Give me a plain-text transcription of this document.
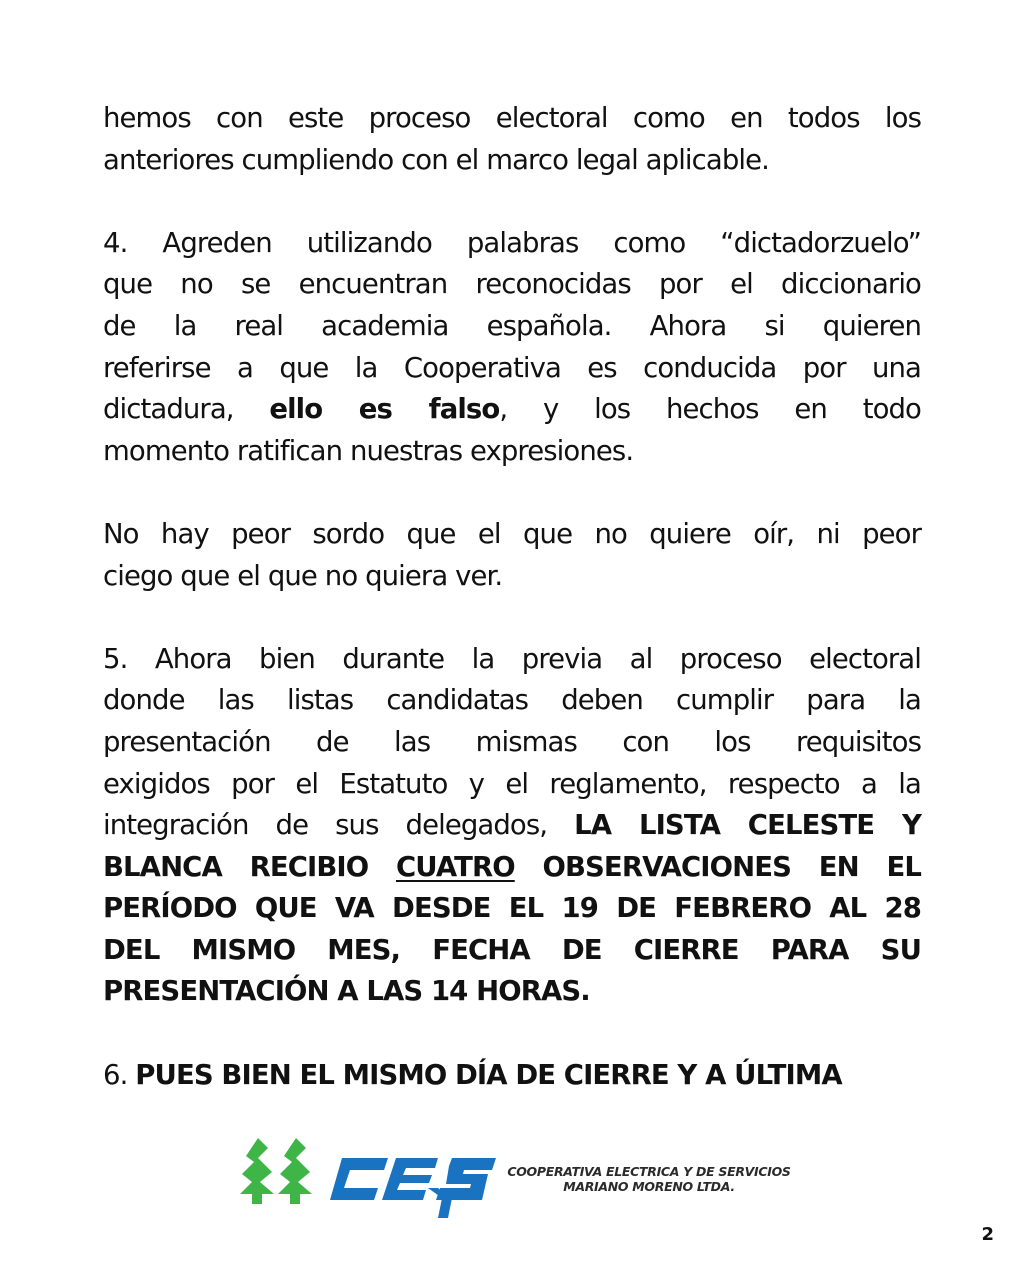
hemos con este proceso electoral como en todos los
anteriores cumpliendo con el marco legal aplicable.

4. Agreden utilizando palabras como “dictadorzuelo”
que no se encuentran reconocidas por el diccionario
de la real academia española. Ahora si quieren
referirse a que la Cooperativa es conducida por una
dictadura, ello es falso, y los hechos en todo
momento ratifican nuestras expresiones.

No hay peor sordo que el que no quiere oír, ni peor
ciego que el que no quiera ver.

5. Ahora bien durante la previa al proceso electoral
donde las listas candidatas deben cumplir para la
presentación de las mismas con los requisitos
exigidos por el Estatuto y el reglamento, respecto a la
integración de sus delegados, LA LISTA CELESTE Y
BLANCA RECIBIO CUATRO OBSERVACIONES EN EL
PERÍODO QUE VA DESDE EL 19 DE FEBRERO AL 28
DEL MISMO MES, FECHA DE CIERRE PARA SU
PRESENTACIÓN A LAS 14 HORAS.

6. PUES BIEN EL MISMO DÍA DE CIERRE Y A ÚLTIMA

COOPERATIVA ELECTRICA Y DE SERVICIOS
MARIANO MORENO LTDA.
2
